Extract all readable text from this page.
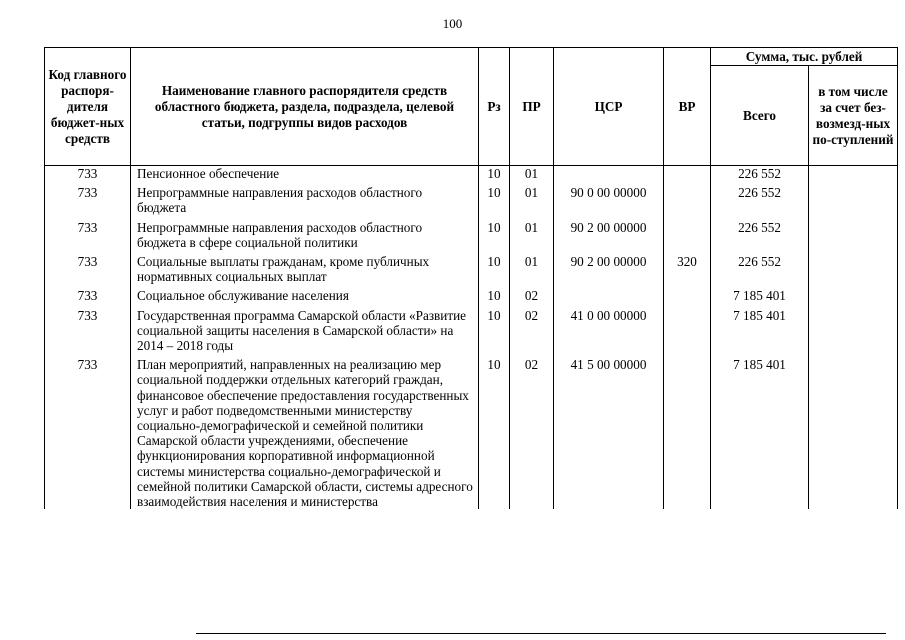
100
Код главного распоря-дителя бюджет-ных средств	Наименование главного распорядителя средств областного бюджета, раздела, подраздела, целевой статьи, подгруппы видов расходов	Рз	ПР	ЦСР	ВР	Сумма, тыс. рублей	
						Всего	в том числе за счет без-возмезд-ных по-ступлений
733	Пенсионное обеспечение	10	01			226 552	
733	Непрограммные направления расходов областного бюджета	10	01	90 0 00 00000		226 552	
733	Непрограммные направления расходов областного бюджета в сфере социальной политики	10	01	90 2 00 00000		226 552	
733	Социальные выплаты гражданам, кроме публичных нормативных социальных выплат	10	01	90 2 00 00000	320	226 552	
733	Социальное обслуживание населения	10	02			7 185 401	
733	Государственная программа Самарской области «Развитие социальной защиты населения в Самарской области» на 2014 – 2018 годы	10	02	41 0 00 00000		7 185 401	
733	План мероприятий, направленных на реализацию мер социальной поддержки отдельных категорий граждан, финансовое обеспечение предоставления государственных услуг и работ подведомственными министерству социально-демографической и семейной политики Самарской области учреждениями, обеспечение функционирования корпоративной информационной системы министерства социально-демографической и семейной политики Самарской области, системы адресного взаимодействия населения и министерства	10	02	41 5 00 00000		7 185 401	
